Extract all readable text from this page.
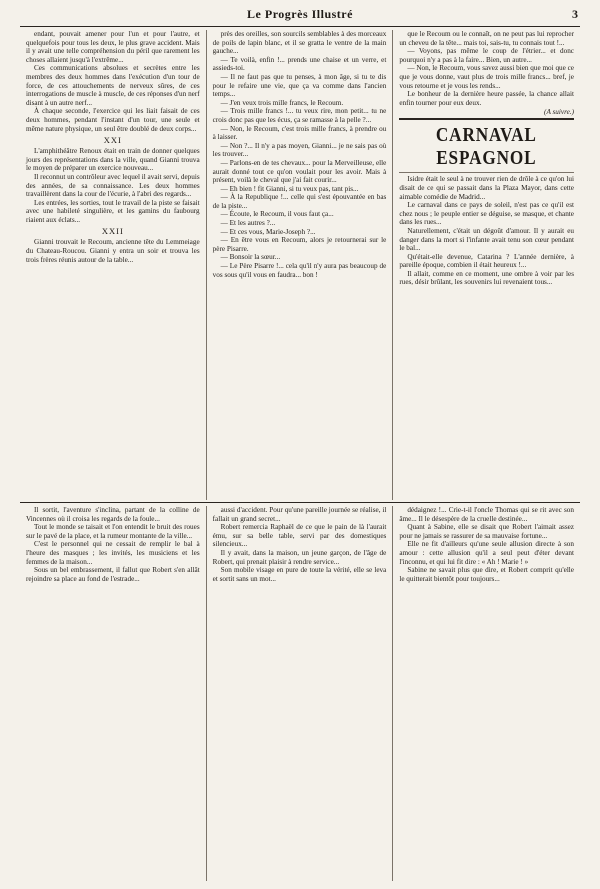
Le Progrès Illustré	3

endant, pouvait amener pour l'un et pour l'autre, et quelquefois pour tous les deux, le plus grave accident. Mais il y avait une telle compréhension du péril que rarement les choses allaient jusqu'à l'extrême...

Ces communications absolues et secrètes entre les membres des deux hommes dans l'exécution d'un tour de force, de ces attouchements de nerveux sûres, de ces interrogations de muscle à muscle, de ces réponses d'un nerf disant à un autre nerf...

À chaque seconde, l'exercice qui les liait faisait de ces deux hommes, pendant l'instant d'un tour, une seule et même nature physique, un seul être doublé de deux corps...

XXI

L'amphithéâtre Renoux était en train de donner quelques jours des représentations dans la ville, quand Gianni trouva le moyen de préparer un exercice nouveau...

Il reconnut un contrôleur avec lequel il avait servi, depuis des années, de sa connaissance. Les deux hommes travaillèrent dans la cour de l'écurie, à l'abri des regards...

Les entrées, les sorties, tout le travail de la piste se faisait avec une habileté singulière, et les gamins du faubourg riaient aux éclats...

XXII

Gianni trouvait le Recoum, ancienne tête du Lemmeiage du Chateau-Roucou. Gianni y entra un soir et trouva les trois frères réunis autour de la table...

près des oreilles, son sourcils semblables à des morceaux de poils de lapin blanc, et il se gratta le ventre de la main gauche...

— Te voilà, enfin !... prends une chaise et un verre, et assieds-toi.

— Il ne faut pas que tu penses, à mon âge, si tu te dis pour le refaire une vie, que ça va comme dans l'ancien temps...

— J'en veux trois mille francs, le Recoum.

— Trois mille francs !... tu veux rire, mon petit... tu ne crois donc pas que les écus, ça se ramasse à la pelle ?...

— Non, le Recoum, c'est trois mille francs, à prendre ou à laisser.

— Non ?... Il n'y a pas moyen, Gianni... je ne sais pas où les trouver...

— Parlons-en de tes chevaux... pour la Merveilleuse, elle aurait donné tout ce qu'on voulait pour les avoir. Mais à présent, voilà le cheval que j'ai fait courir...

— Eh bien ! fit Gianni, si tu veux pas, tant pis...

— À la Republique !... celle qui s'est épouvantée en bas de la piste...

— Écoute, le Recoum, il vous faut ça...

— Et les autres ?...

— Et ces vous, Marie-Joseph ?...

— En être vous en Recoum, alors je retournerai sur le père Pisarre.

— Bonsoir la sœur...

— Le Père Pisarre !... cela qu'il n'y aura pas beaucoup de vos sous qu'il vous en faudra... bon !

que le Recoum ou le connaît, on ne peut pas lui reprocher un cheveu de la tête... mais toi, sais-tu, tu connais tout !...

— Voyons, pas même le coup de l'étrier... et donc pourquoi n'y a pas à la faire... Bien, un autre...

— Non, le Recoum, vous savez aussi bien que moi que ce que je vous donne, vaut plus de trois mille francs... bref, je vous retourne et je vous les rends...

Le bonheur de la dernière heure passée, la chance allait enfin tourner pour eux deux.

(A suivre.)
CARNAVAL ESPAGNOL

Isidre était le seul à ne trouver rien de drôle à ce qu'on lui disait de ce qui se passait dans la Plaza Mayor, dans cette aimable comédie de Madrid...

Le carnaval dans ce pays de soleil, n'est pas ce qu'il est chez nous ; le peuple entier se déguise, se masque, et chante dans les rues...

Naturellement, c'était un dégoût d'amour. Il y aurait eu danger dans la mort si l'infante avait tenu son cœur pendant le bal...

Qu'était-elle devenue, Catarina ? L'année dernière, à pareille époque, combien il était heureux !...

Il allait, comme en ce moment, une ombre à voir par les rues, désir brûlant, les souvenirs lui revenaient tous...

Il sortit, l'aventure s'inclina, partant de la colline de Vincennes où il croisa les regards de la foule...

Tout le monde se taisait et l'on entendit le bruit des roues sur le pavé de la place, et la rumeur montante de la ville...

C'est le personnel qui ne cessait de remplir le bal à l'heure des masques ; les invités, les musiciens et les femmes de la maison...

Sous un bel embrassement, il fallut que Robert s'en allât rejoindre sa place au fond de l'estrade...

aussi d'accident. Pour qu'une pareille journée se réalise, il fallait un grand secret...

Robert remercia Raphaël de ce que le pain de là l'aurait ému, sur sa belle table, servi par des domestiques silencieux...

Il y avait, dans la maison, un jeune garçon, de l'âge de Robert, qui prenait plaisir à rendre service...

Son mobile visage en pure de toute la vérité, elle se leva et sortit sans un mot...

dédaignez !... Crie-t-il l'oncle Thomas qui se rit avec son âme... Il le désespère de la cruelle destinée...

Quant à Sabine, elle se disait que Robert l'aimait assez pour ne jamais se rassurer de sa mauvaise fortune...

Elle ne fit d'ailleurs qu'une seule allusion directe à son amour : cette allusion qu'il a seul peut d'éter devant l'inconnu, et qui lui fit dire : « Ah ! Marie ! »

Sabine ne savait plus que dire, et Robert comprit qu'elle le quitterait bientôt pour toujours...
